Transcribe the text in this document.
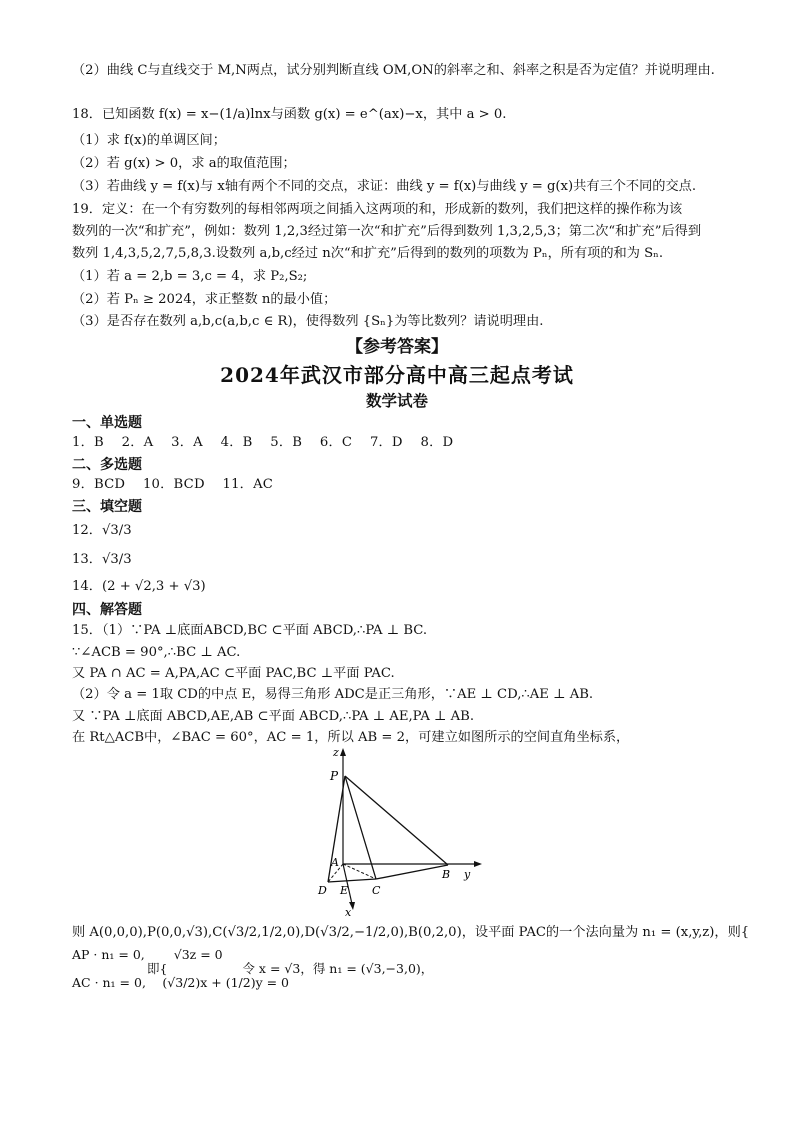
（2）曲线 C与直线交于 M,N两点，试分别判断直线 OM,ON的斜率之和、斜率之积是否为定值？并说明理由.
18．已知函数 f(x) = x−(1/a)lnx与函数 g(x) = e^(ax)−x，其中 a > 0.
（1）求 f(x)的单调区间；
（2）若 g(x) > 0，求 a的取值范围；
（3）若曲线 y = f(x)与 x轴有两个不同的交点，求证：曲线 y = f(x)与曲线 y = g(x)共有三个不同的交点.
19．定义：在一个有穷数列的每相邻两项之间插入这两项的和，形成新的数列，我们把这样的操作称为该
数列的一次“和扩充”，例如：数列 1,2,3经过第一次“和扩充”后得到数列 1,3,2,5,3；第二次“和扩充”后得到
数列 1,4,3,5,2,7,5,8,3.设数列 a,b,c经过 n次“和扩充”后得到的数列的项数为 Pₙ，所有项的和为 Sₙ.
（1）若 a = 2,b = 3,c = 4，求 P₂,S₂;
（2）若 Pₙ ≥ 2024，求正整数 n的最小值；
（3）是否存在数列 a,b,c(a,b,c ∈ R)，使得数列 {Sₙ}为等比数列？请说明理由.
【参考答案】
2024年武汉市部分高中高三起点考试
数学试卷
一、单选题
1．B　 2．A　 3．A　 4．B　 5．B　 6．C　 7．D　 8．D
二、多选题
9．BCD　 10．BCD　 11．AC
三、填空题
12．√3/3
13．√3/3
14．(2 + √2,3 + √3)
四、解答题
15．（1）∵PA ⊥底面ABCD,BC ⊂平面 ABCD,∴PA ⊥ BC.
∵∠ACB = 90°,∴BC ⊥ AC.
又 PA ∩ AC = A,PA,AC ⊂平面 PAC,BC ⊥平面 PAC.
（2）令 a = 1取 CD的中点 E，易得三角形 ADC是正三角形，∵AE ⊥ CD,∴AE ⊥ AB.
又 ∵PA ⊥底面 ABCD,AE,AB ⊂平面 ABCD,∴PA ⊥ AE,PA ⊥ AB.
在 Rt△ACB中，∠BAC = 60°，AC = 1，所以 AB = 2，可建立如图所示的空间直角坐标系，
z
P
A
B y
C
D E
x
则 A(0,0,0),P(0,0,√3),C(√3/2,1/2,0),D(√3/2,−1/2,0),B(0,2,0)，设平面 PAC的一个法向量为 n₁ = (x,y,z)，则{
AP · n₁ = 0,　　 √3z = 0
　　　　　　即{　　　　　　令 x = √3，得 n₁ = (√3,−3,0)，
AC · n₁ = 0,　 (√3/2)x + (1/2)y = 0
